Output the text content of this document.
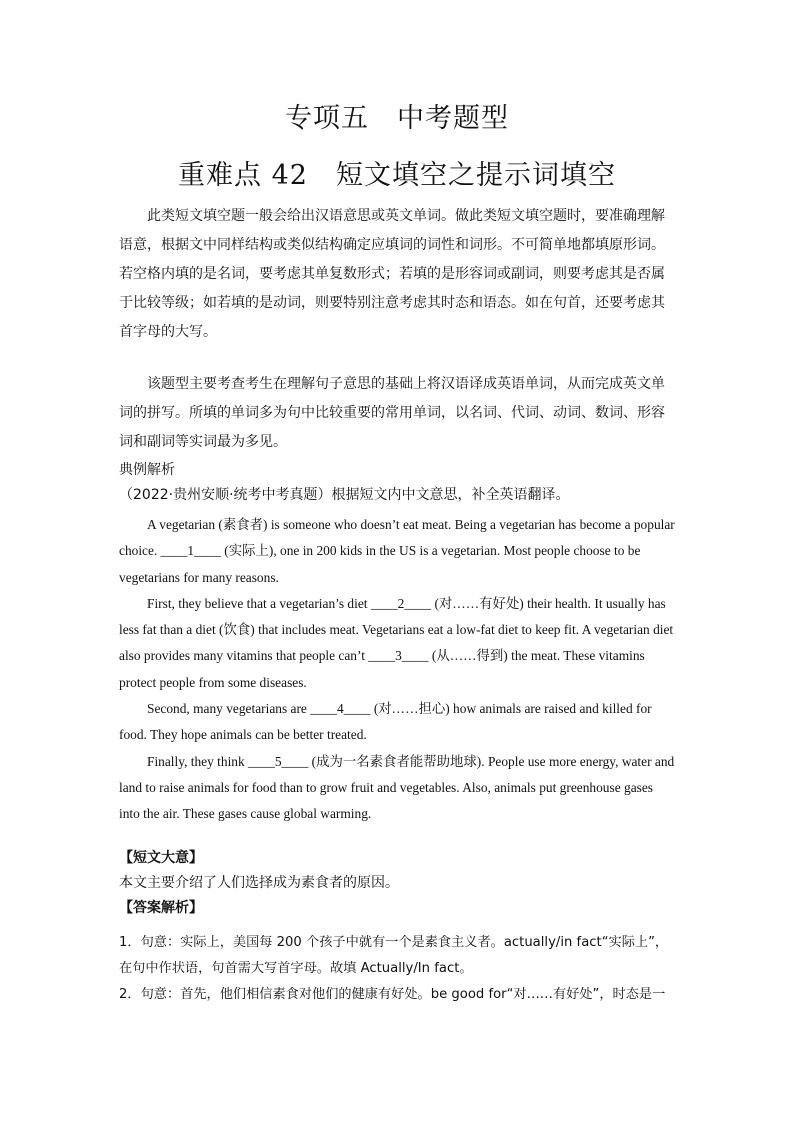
专项五　中考题型
重难点 42　短文填空之提示词填空

此类短文填空题一般会给出汉语意思或英文单词。做此类短文填空题时，要准确理解语意，根据文中同样结构或类似结构确定应填词的词性和词形。不可简单地都填原形词。若空格内填的是名词，要考虑其单复数形式；若填的是形容词或副词，则要考虑其是否属于比较等级；如若填的是动词，则要特别注意考虑其时态和语态。如在句首，还要考虑其首字母的大写。

该题型主要考查考生在理解句子意思的基础上将汉语译成英语单词，从而完成英文单词的拼写。所填的单词多为句中比较重要的常用单词，以名词、代词、动词、数词、形容词和副词等实词最为多见。

典例解析

（2022·贵州安顺·统考中考真题）根据短文内中文意思，补全英语翻译。

A vegetarian (素食者) is someone who doesn’t eat meat. Being a vegetarian has become a popular choice. ____1____ (实际上), one in 200 kids in the US is a vegetarian. Most people choose to be vegetarians for many reasons.

First, they believe that a vegetarian’s diet ____2____ (对……有好处) their health. It usually has less fat than a diet (饮食) that includes meat. Vegetarians eat a low-fat diet to keep fit. A vegetarian diet also provides many vitamins that people can’t ____3____ (从……得到) the meat. These vitamins protect people from some diseases.

Second, many vegetarians are ____4____ (对……担心) how animals are raised and killed for food. They hope animals can be better treated.

Finally, they think ____5____ (成为一名素食者能帮助地球). People use more energy, water and land to raise animals for food than to grow fruit and vegetables. Also, animals put greenhouse gases into the air. These gases cause global warming.

【短文大意】

本文主要介绍了人们选择成为素食者的原因。

【答案解析】

1．句意：实际上，美国每 200 个孩子中就有一个是素食主义者。actually/in fact“实际上”，在句中作状语，句首需大写首字母。故填 Actually/In fact。

2．句意：首先，他们相信素食对他们的健康有好处。be good for“对……有好处”，时态是一
